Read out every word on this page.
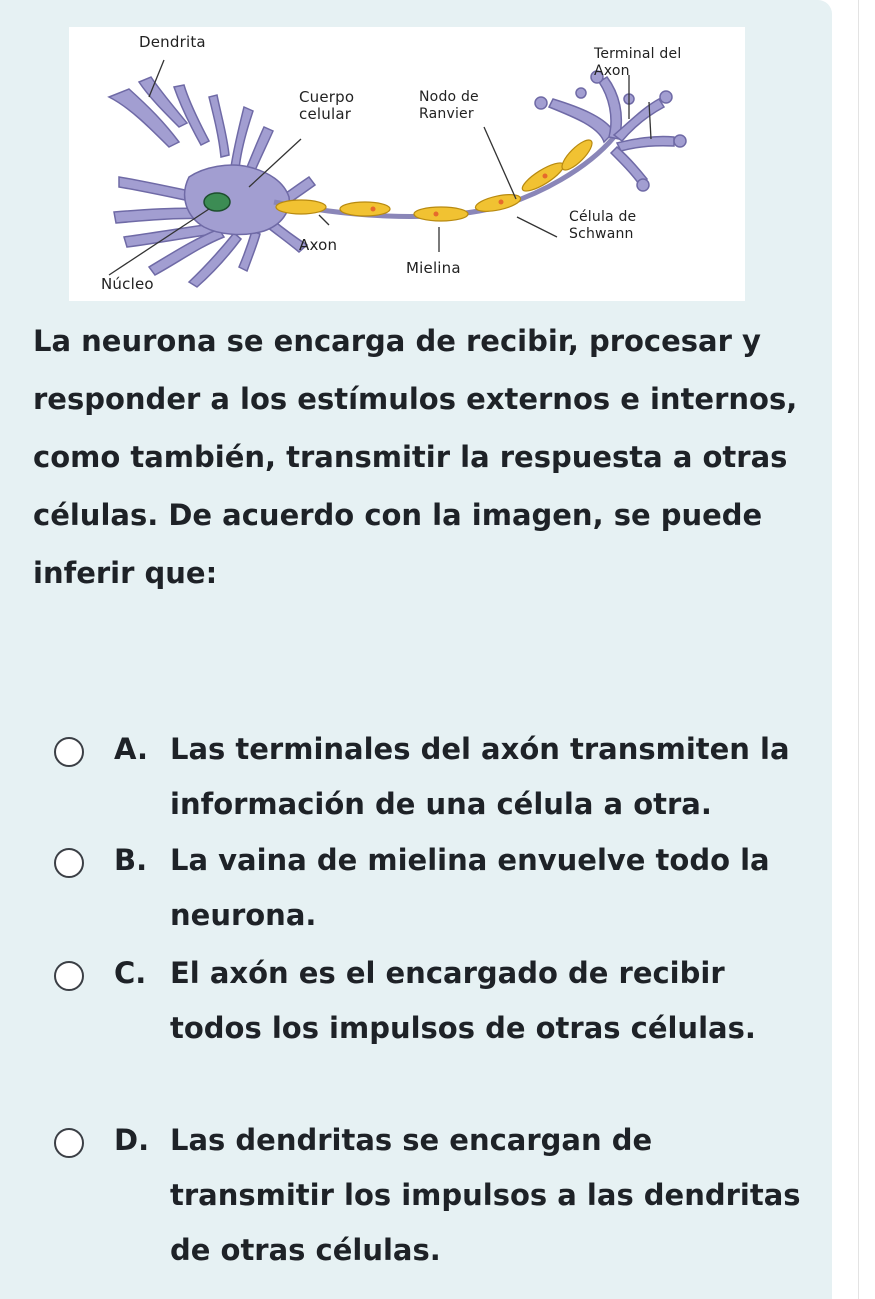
Dendrita
Terminal del
Axon
Cuerpo
celular
Nodo de
Ranvier
Célula de
Schwann
Axon
Mielina
Núcleo
La neurona se encarga de recibir, procesar y responder a los estímulos externos e internos, como también, transmitir la respuesta a otras células. De acuerdo con la imagen, se puede inferir que:
A. Las terminales del axón transmiten la información de una célula a otra.
B. La vaina de mielina envuelve todo la neurona.
C. El axón es el encargado de recibir todos los impulsos de otras células.
D. Las dendritas se encargan de transmitir los impulsos a las dendritas de otras células.
